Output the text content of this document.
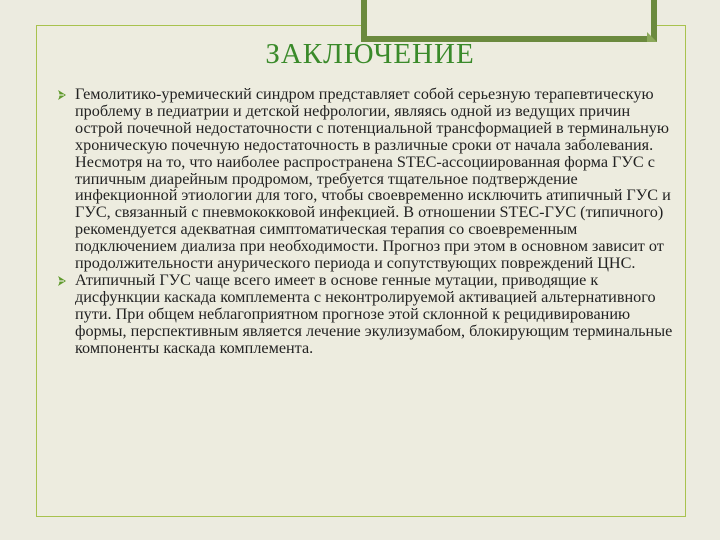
ЗАКЛЮЧЕНИЕ

Гемолитико-уремический синдром представляет собой серьезную терапевтическую проблему в педиатрии и детской нефрологии, являясь одной из ведущих причин острой почечной недостаточности с потенциальной трансформацией в терминальную хроническую почечную недостаточность в различные сроки от начала заболевания. Несмотря на то, что наиболее распространена STEC-ассоциированная форма ГУС с типичным диарейным продромом, требуется тщательное подтверждение инфекционной этиологии для того, чтобы своевременно исключить атипичный ГУС и ГУС, связанный с пневмококковой инфекцией. В отношении STEC-ГУС (типичного) рекомендуется адекватная симптоматическая терапия со своевременным подключением диализа при необходимости. Прогноз при этом в основном зависит от продолжительности анурического периода и сопутствующих повреждений ЦНС.

Атипичный ГУС чаще всего имеет в основе генные мутации, приводящие к дисфункции каскада комплемента с неконтролируемой активацией альтернативного пути. При общем неблагоприятном прогнозе этой склонной к рецидивированию формы, перспективным является лечение экулизумабом, блокирующим терминальные компоненты каскада комплемента.
